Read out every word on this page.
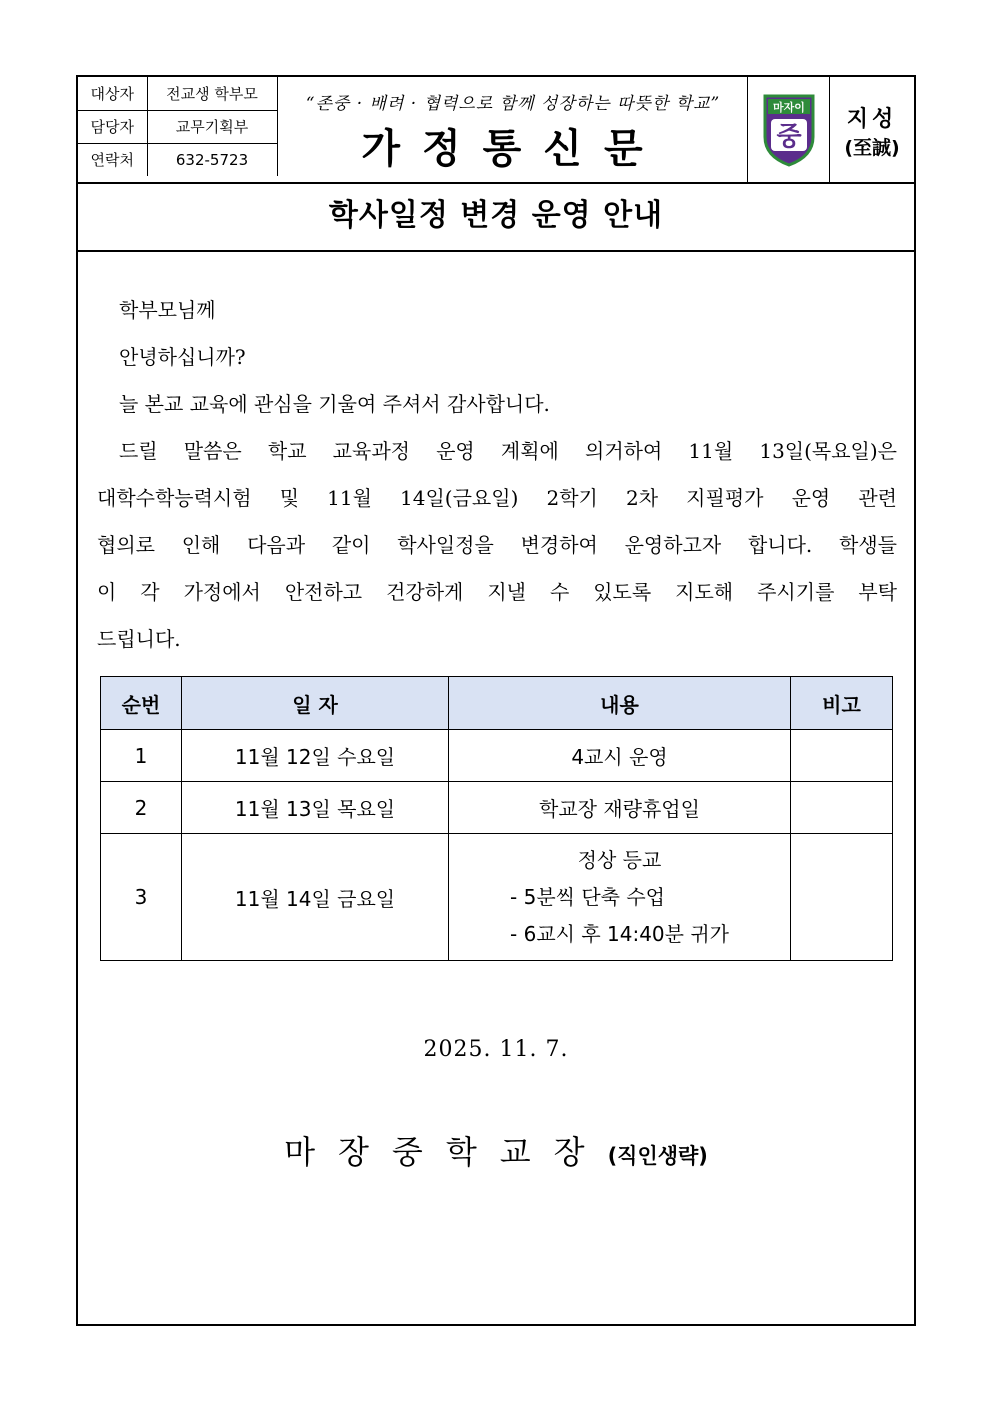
대상자	전교생 학부모
담당자	교무기획부
연락처	632-5723
“존중 · 배려 · 협력으로 함께 성장하는 따뜻한 학교”
가정통신문
마자이
중
지성
(至誠)
학사일정 변경 운영 안내

학부모님께

안녕하십니까?

늘 본교 교육에 관심을 기울여 주셔서 감사합니다.

드릴 말씀은 학교 교육과정 운영 계획에 의거하여 11월 13일(목요일)은

대학수학능력시험 및 11월 14일(금요일) 2학기 2차 지필평가 운영 관련

협의로 인해 다음과 같이 학사일정을 변경하여 운영하고자 합니다. 학생들

이 각 가정에서 안전하고 건강하게 지낼 수 있도록 지도해 주시기를 부탁

드립니다.

순번	일 자	내용	비고
1	11월 12일 수요일	4교시 운영	
2	11월 13일 목요일	학교장 재량휴업일	
3	11월 14일 금요일	정상 등교
- 5분씩 단축 수업
- 6교시 후 14:40분 귀가	

2025. 11. 7.
마장중학교장(직인생략)
